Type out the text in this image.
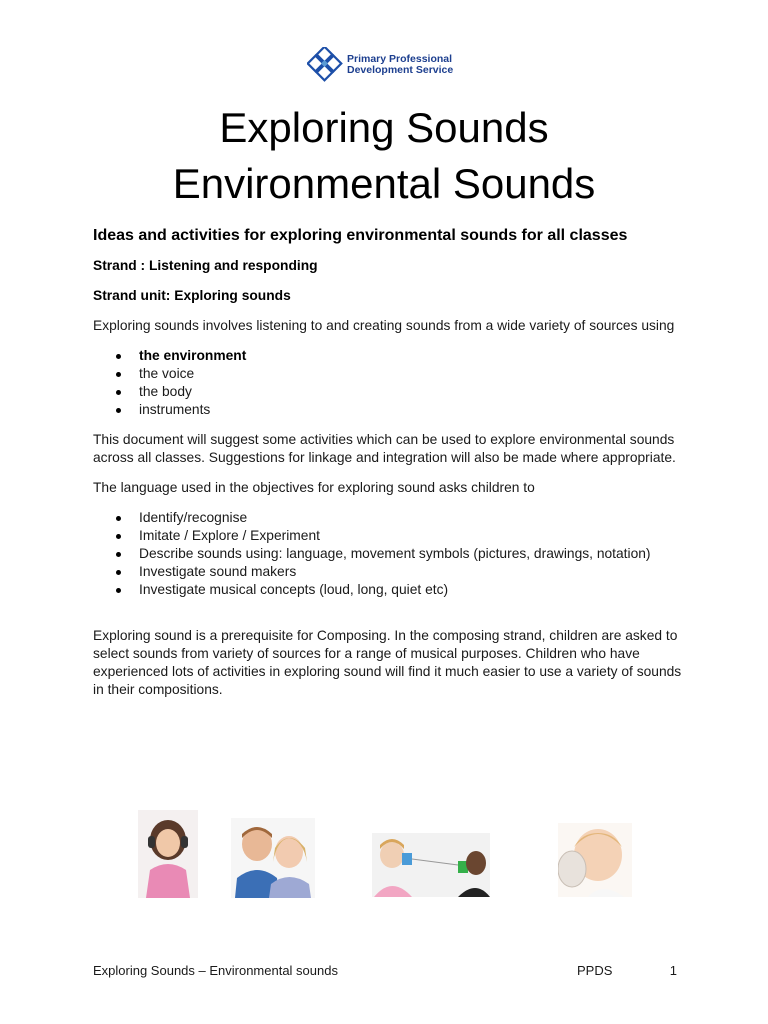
Primary Professional
Development Service
Exploring Sounds
Environmental Sounds
Ideas and activities for exploring environmental sounds for all classes
Strand : Listening and responding
Strand unit: Exploring sounds

Exploring sounds involves listening to and creating sounds from a wide variety of sources using

the environment
the voice
the body
instruments

This document will suggest some activities which can be used to explore environmental sounds across all classes. Suggestions for linkage and integration will also be made where appropriate.

The language used in the objectives for exploring sound asks children to

Identify/recognise
Imitate / Explore / Experiment
Describe sounds using: language, movement symbols (pictures, drawings, notation)
Investigate sound makers
Investigate musical concepts (loud, long, quiet etc)

Exploring sound is a prerequisite for Composing. In the composing strand, children are asked to select sounds from variety of sources for a range of musical purposes. Children who have experienced lots of activities in exploring sound will find it much easier to use a variety of sounds in their compositions.

Exploring Sounds – Environmental sounds	PPDS	1
